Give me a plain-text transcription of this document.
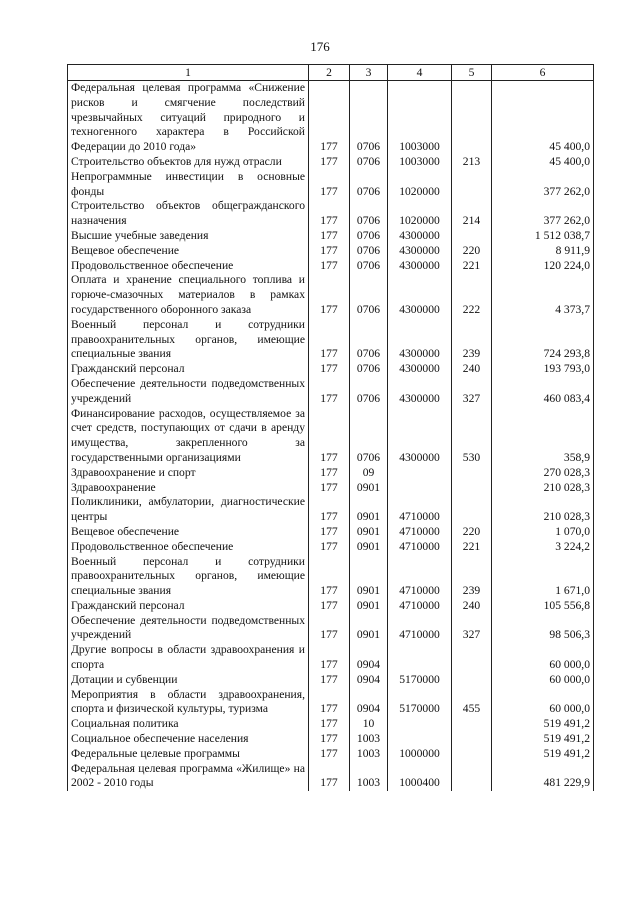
176
1	2	3	4	5	6
Федеральная целевая программа «Снижение рисков и смягчение последствий чрезвычайных ситуаций природного и техногенного характера в Российской Федерации до 2010 года»	177	0706	1003000		45 400,0
Строительство объектов для нужд отрасли	177	0706	1003000	213	45 400,0
Непрограммные инвестиции в основные фонды	177	0706	1020000		377 262,0
Строительство объектов общегражданского назначения	177	0706	1020000	214	377 262,0
Высшие учебные заведения	177	0706	4300000		1 512 038,7
Вещевое обеспечение	177	0706	4300000	220	8 911,9
Продовольственное обеспечение	177	0706	4300000	221	120 224,0
Оплата и хранение специального топлива и горюче-смазочных материалов в рамках государственного оборонного заказа	177	0706	4300000	222	4 373,7
Военный персонал и сотрудники правоохранительных органов, имеющие специальные звания	177	0706	4300000	239	724 293,8
Гражданский персонал	177	0706	4300000	240	193 793,0
Обеспечение деятельности подведомственных учреждений	177	0706	4300000	327	460 083,4
Финансирование расходов, осуществляемое за счет средств, поступающих от сдачи в аренду имущества, закрепленного за государственными организациями	177	0706	4300000	530	358,9
Здравоохранение и спорт	177	09			270 028,3
Здравоохранение	177	0901			210 028,3
Поликлиники, амбулатории, диагностические центры	177	0901	4710000		210 028,3
Вещевое обеспечение	177	0901	4710000	220	1 070,0
Продовольственное обеспечение	177	0901	4710000	221	3 224,2
Военный персонал и сотрудники правоохранительных органов, имеющие специальные звания	177	0901	4710000	239	1 671,0
Гражданский персонал	177	0901	4710000	240	105 556,8
Обеспечение деятельности подведомственных учреждений	177	0901	4710000	327	98 506,3
Другие вопросы в области здравоохранения и спорта	177	0904			60 000,0
Дотации и субвенции	177	0904	5170000		60 000,0
Мероприятия в области здравоохранения, спорта и физической культуры, туризма	177	0904	5170000	455	60 000,0
Социальная политика	177	10			519 491,2
Социальное обеспечение населения	177	1003			519 491,2
Федеральные целевые программы	177	1003	1000000		519 491,2
Федеральная целевая программа «Жилище» на 2002 - 2010 годы	177	1003	1000400		481 229,9
